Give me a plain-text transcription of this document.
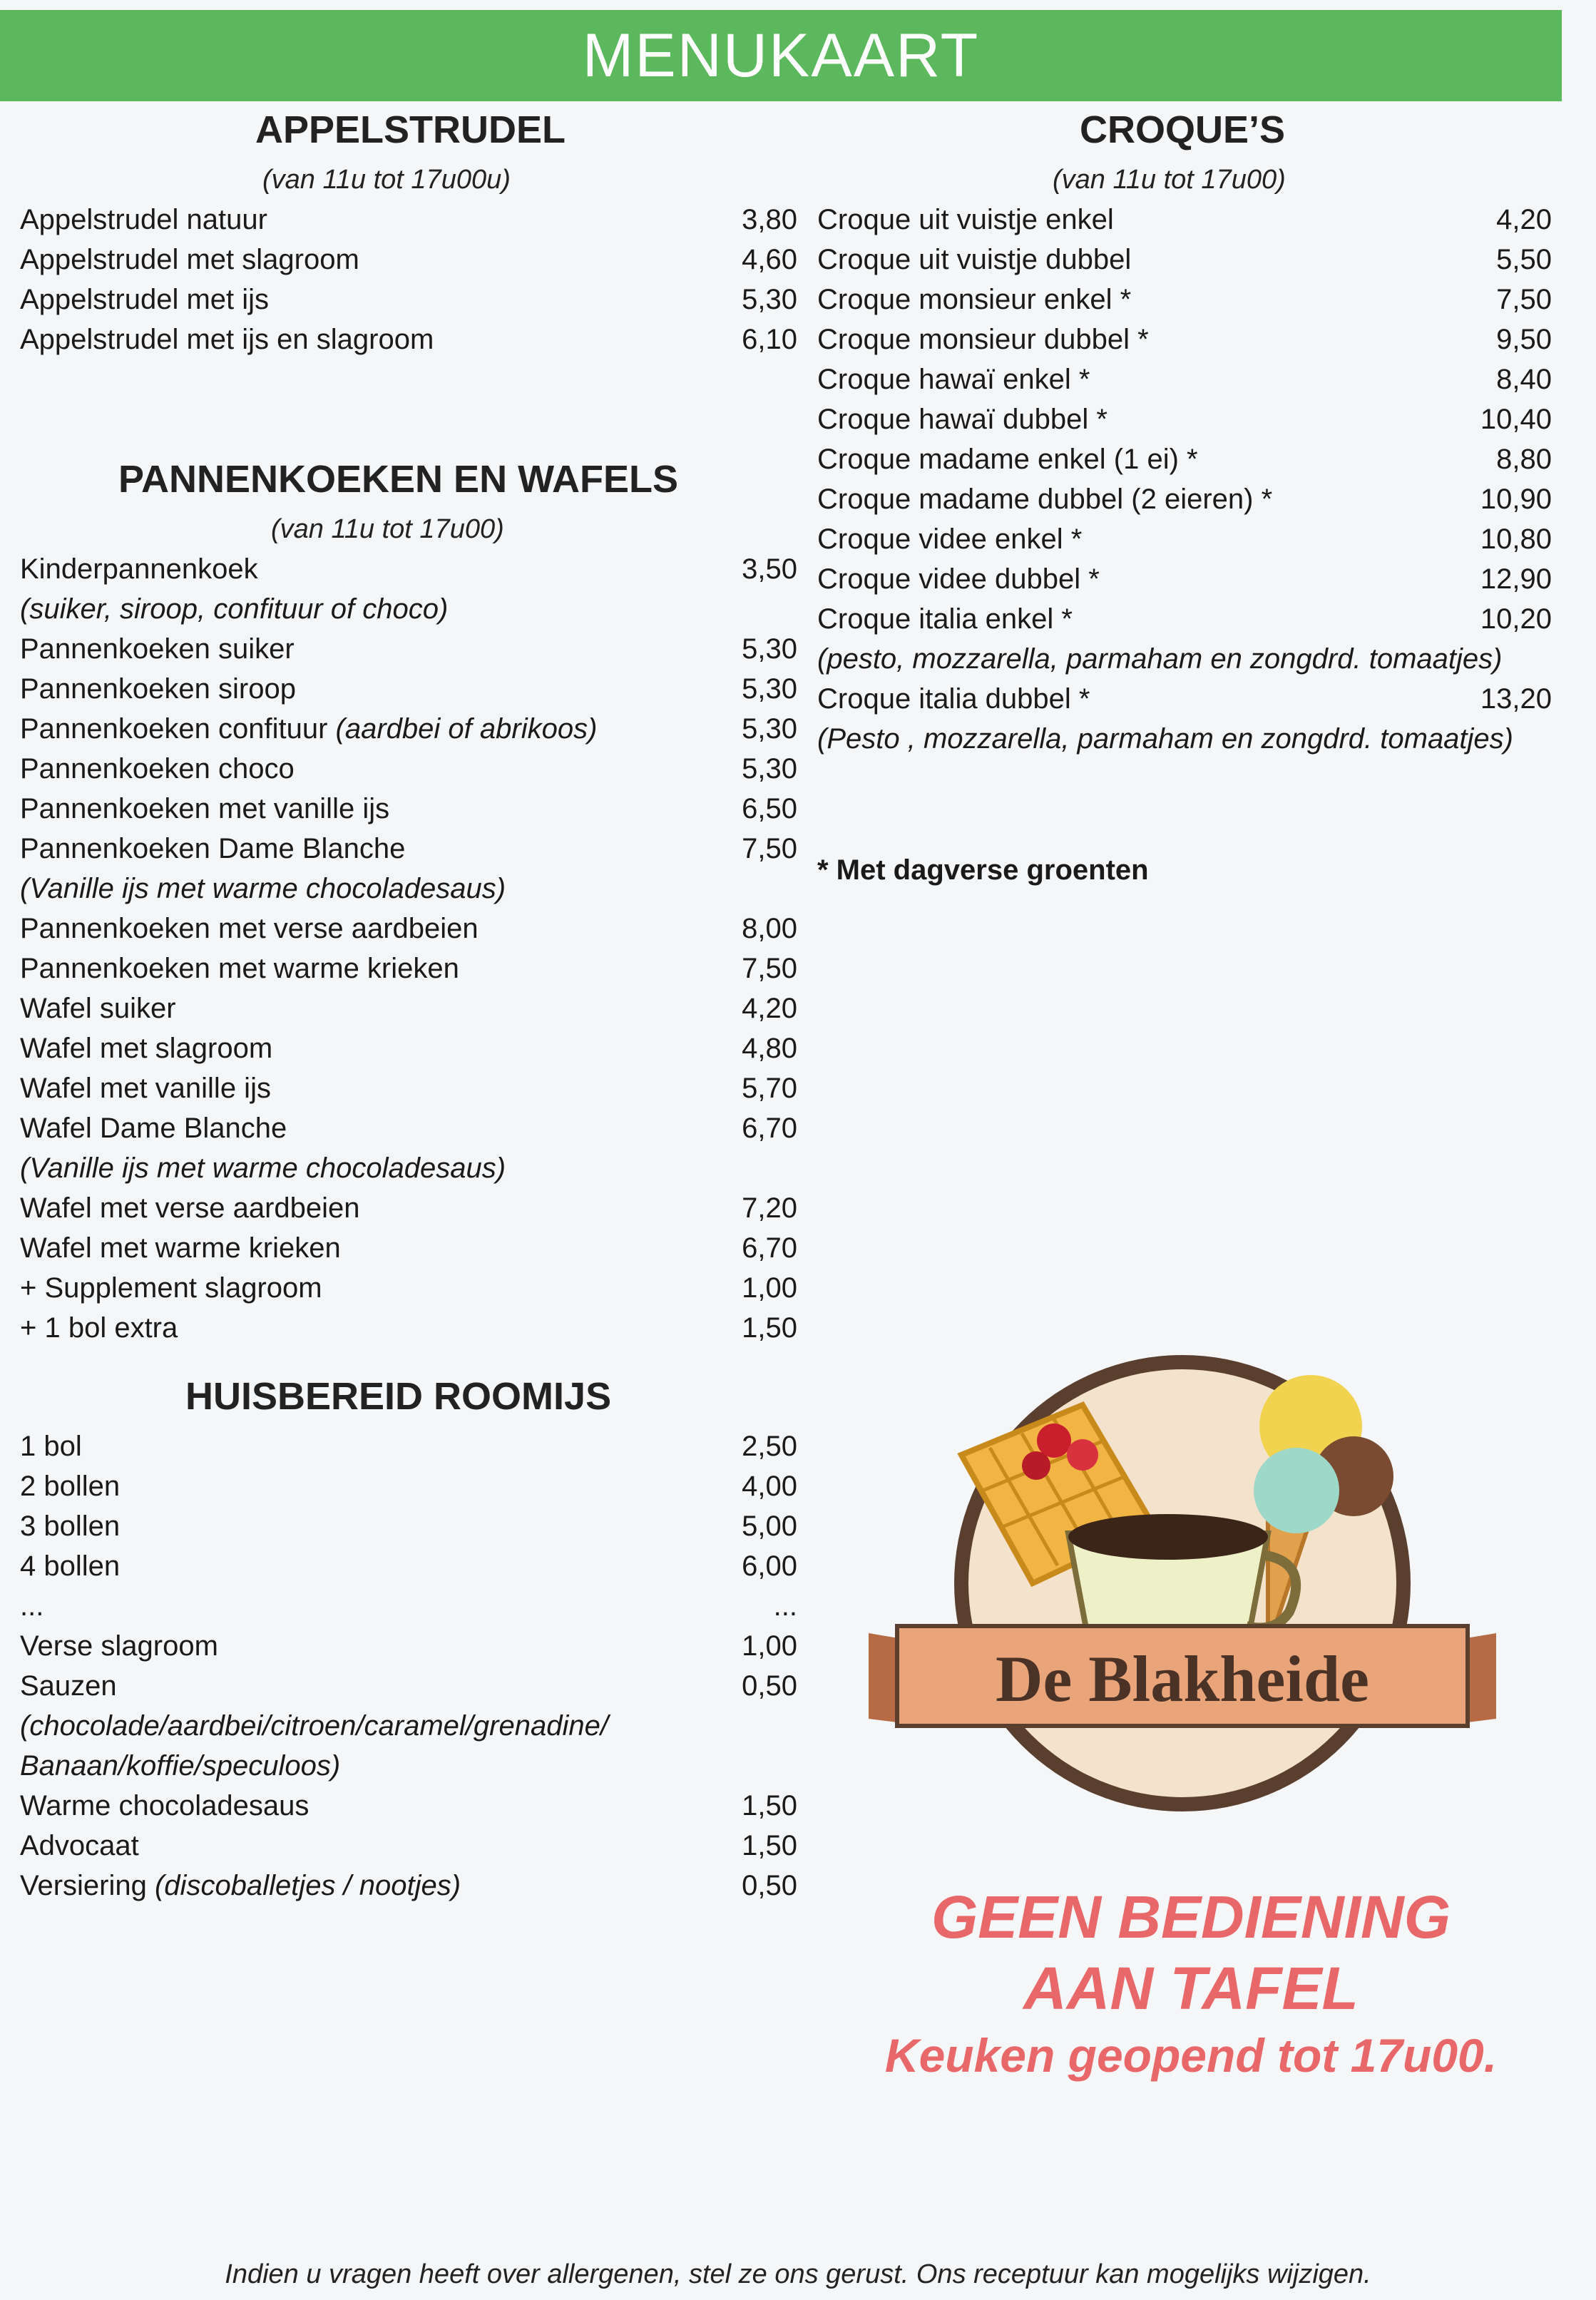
MENUKAART
APPELSTRUDEL
(van 11u tot 17u00u)
Appelstrudel natuur	3,80
Appelstrudel met slagroom	4,60
Appelstrudel met ijs	5,30
Appelstrudel met ijs en slagroom	6,10
PANNENKOEKEN EN WAFELS
(van 11u tot 17u00)
Kinderpannenkoek	3,50
(suiker, siroop, confituur of choco)
Pannenkoeken suiker	5,30
Pannenkoeken siroop	5,30
Pannenkoeken confituur (aardbei of abrikoos)	5,30
Pannenkoeken choco	5,30
Pannenkoeken met vanille ijs	6,50
Pannenkoeken Dame Blanche	7,50
(Vanille ijs met warme chocoladesaus)
Pannenkoeken met verse aardbeien	8,00
Pannenkoeken met warme krieken	7,50
Wafel suiker	4,20
Wafel met slagroom	4,80
Wafel met vanille ijs	5,70
Wafel Dame Blanche	6,70
(Vanille ijs met warme chocoladesaus)
Wafel met verse aardbeien	7,20
Wafel met warme krieken	6,70
+ Supplement slagroom	1,00
+ 1 bol extra	1,50
HUISBEREID ROOMIJS
1 bol	2,50
2 bollen	4,00
3 bollen	5,00
4 bollen	6,00
...	...
Verse slagroom	1,00
Sauzen	0,50
(chocolade/aardbei/citroen/caramel/grenadine/ Banaan/koffie/speculoos)
Warme chocoladesaus	1,50
Advocaat	1,50
Versiering (discoballetjes / nootjes)	0,50
CROQUE’S
(van 11u tot 17u00)
Croque uit vuistje enkel	4,20
Croque uit vuistje dubbel	5,50
Croque monsieur enkel *	7,50
Croque monsieur dubbel *	9,50
Croque hawaï enkel *	8,40
Croque hawaï dubbel *	10,40
Croque madame enkel (1 ei) *	8,80
Croque madame dubbel (2 eieren) *	10,90
Croque videe enkel *	10,80
Croque videe dubbel *	12,90
Croque italia enkel *	10,20
(pesto, mozzarella, parmaham en zongdrd. tomaatjes)
Croque italia dubbel *	13,20
(Pesto , mozzarella, parmaham en zongdrd. tomaatjes)
* Met dagverse groenten
De Blakheide
GEEN BEDIENING
AAN TAFEL
Keuken geopend tot 17u00.
Indien u vragen heeft over allergenen, stel ze ons gerust. Ons receptuur kan mogelijks wijzigen.
